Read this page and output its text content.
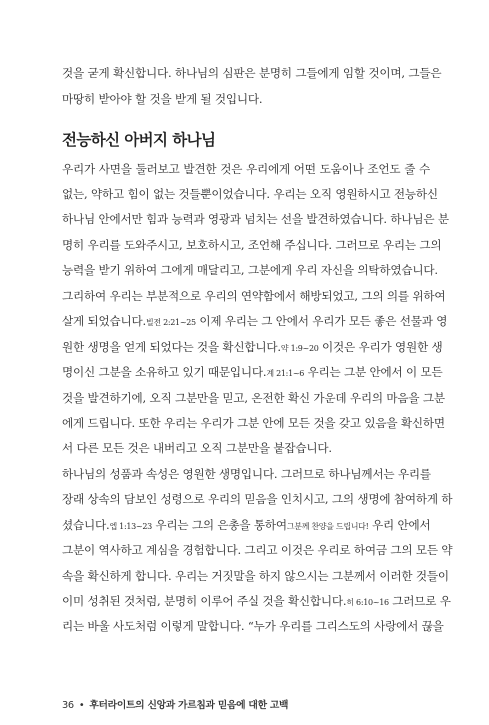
것을 굳게 확신합니다. 하나님의 심판은 분명히 그들에게 임할 것이며, 그들은
마땅히 받아야 할 것을 받게 될 것입니다.
전능하신 아버지 하나님
우리가 사면을 둘러보고 발견한 것은 우리에게 어떤 도움이나 조언도 줄 수
없는, 약하고 힘이 없는 것들뿐이었습니다. 우리는 오직 영원하시고 전능하신
하나님 안에서만 힘과 능력과 영광과 넘치는 선을 발견하였습니다. 하나님은 분
명히 우리를 도와주시고, 보호하시고, 조언해 주십니다. 그러므로 우리는 그의
능력을 받기 위하여 그에게 매달리고, 그분에게 우리 자신을 의탁하였습니다.
그리하여 우리는 부분적으로 우리의 연약함에서 해방되었고, 그의 의를 위하여
살게 되었습니다.빌전 2:21~25 이제 우리는 그 안에서 우리가 모든 좋은 선물과 영
원한 생명을 얻게 되었다는 것을 확신합니다.약 1:9~20 이것은 우리가 영원한 생
명이신 그분을 소유하고 있기 때문입니다.계 21:1~6 우리는 그분 안에서 이 모든
것을 발견하기에, 오직 그분만을 믿고, 온전한 확신 가운데 우리의 마음을 그분
에게 드립니다. 또한 우리는 우리가 그분 안에 모든 것을 갖고 있음을 확신하면
서 다른 모든 것은 내버리고 오직 그분만을 붙잡습니다.
하나님의 성품과 속성은 영원한 생명입니다. 그러므로 하나님께서는 우리를
장래 상속의 담보인 성령으로 우리의 믿음을 인치시고, 그의 생명에 참여하게 하
셨습니다.엡 1:13~23 우리는 그의 은총을 통하여그분께 찬양을 드립니다! 우리 안에서
그분이 역사하고 계심을 경험합니다. 그리고 이것은 우리로 하여금 그의 모든 약
속을 확신하게 합니다. 우리는 거짓말을 하지 않으시는 그분께서 이러한 것들이
이미 성취된 것처럼, 분명히 이루어 주실 것을 확신합니다.히 6:10~16 그러므로 우
리는 바울 사도처럼 이렇게 말합니다. “누가 우리를 그리스도의 사랑에서 끊을
36 • 후터라이트의 신앙과 가르침과 믿음에 대한 고백
